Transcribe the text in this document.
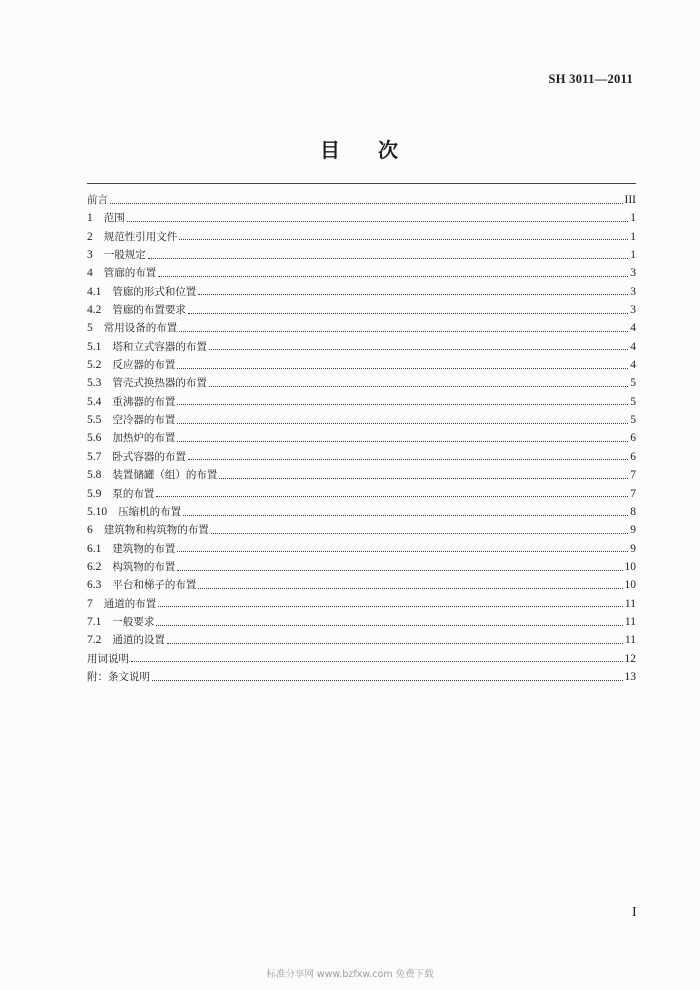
SH 3011—2011
目　次
前言	III
1 范围	1
2 规范性引用文件	1
3 一般规定	1
4 管廊的布置	3
4.1 管廊的形式和位置	3
4.2 管廊的布置要求	3
5 常用设备的布置	4
5.1 塔和立式容器的布置	4
5.2 反应器的布置	4
5.3 管壳式换热器的布置	5
5.4 重沸器的布置	5
5.5 空冷器的布置	5
5.6 加热炉的布置	6
5.7 卧式容器的布置	6
5.8 装置储罐（组）的布置	7
5.9 泵的布置	7
5.10 压缩机的布置	8
6 建筑物和构筑物的布置	9
6.1 建筑物的布置	9
6.2 构筑物的布置	10
6.3 平台和梯子的布置	10
7 通道的布置	11
7.1 一般要求	11
7.2 通道的设置	11
用词说明	12
附：条文说明	13
I
标准分享网 www.bzfxw.com 免费下载
